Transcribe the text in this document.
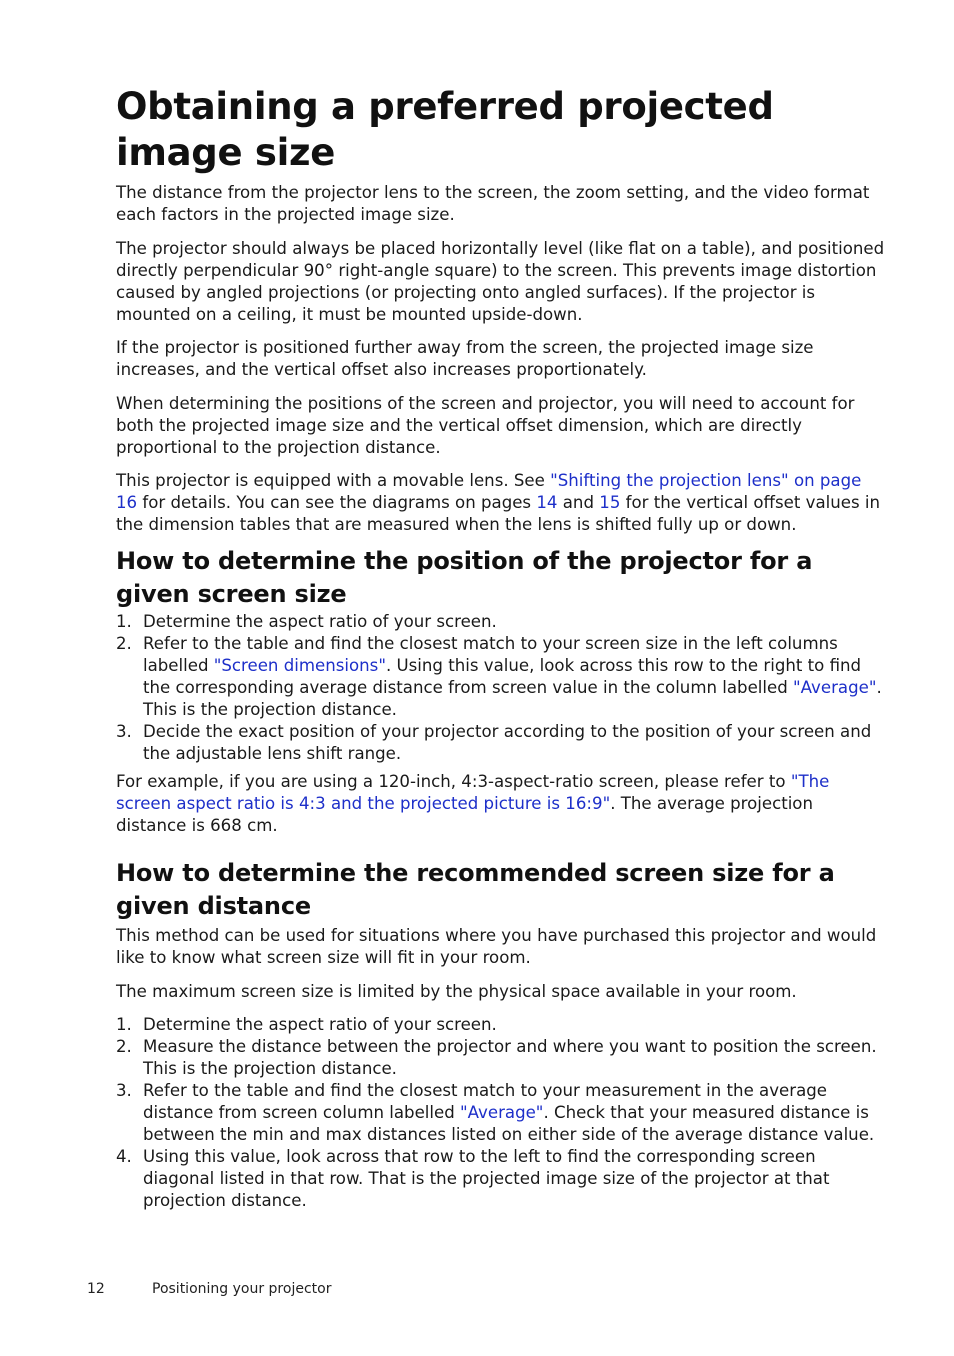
Obtaining a preferred projected image size

The distance from the projector lens to the screen, the zoom setting, and the video format each factors in the projected image size.

The projector should always be placed horizontally level (like flat on a table), and positioned directly perpendicular 90° right-angle square) to the screen. This prevents image distortion caused by angled projections (or projecting onto angled surfaces). If the projector is mounted on a ceiling, it must be mounted upside-down.

If the projector is positioned further away from the screen, the projected image size increases, and the vertical offset also increases proportionately.

When determining the positions of the screen and projector, you will need to account for both the projected image size and the vertical offset dimension, which are directly proportional to the projection distance.

This projector is equipped with a movable lens. See "Shifting the projection lens" on page 16 for details. You can see the diagrams on pages 14 and 15 for the vertical offset values in the dimension tables that are measured when the lens is shifted fully up or down.

How to determine the position of the projector for a given screen size
1. Determine the aspect ratio of your screen.
2. Refer to the table and find the closest match to your screen size in the left columns labelled "Screen dimensions". Using this value, look across this row to the right to find the corresponding average distance from screen value in the column labelled "Average". This is the projection distance.
3. Decide the exact position of your projector according to the position of your screen and the adjustable lens shift range.

For example, if you are using a 120-inch, 4:3-aspect-ratio screen, please refer to "The screen aspect ratio is 4:3 and the projected picture is 16:9". The average projection distance is 668 cm.

How to determine the recommended screen size for a given distance

This method can be used for situations where you have purchased this projector and would like to know what screen size will fit in your room.

The maximum screen size is limited by the physical space available in your room.

1. Determine the aspect ratio of your screen.
2. Measure the distance between the projector and where you want to position the screen. This is the projection distance.
3. Refer to the table and find the closest match to your measurement in the average distance from screen column labelled "Average". Check that your measured distance is between the min and max distances listed on either side of the average distance value.
4. Using this value, look across that row to the left to find the corresponding screen diagonal listed in that row. That is the projected image size of the projector at that projection distance.
12	Positioning your projector
